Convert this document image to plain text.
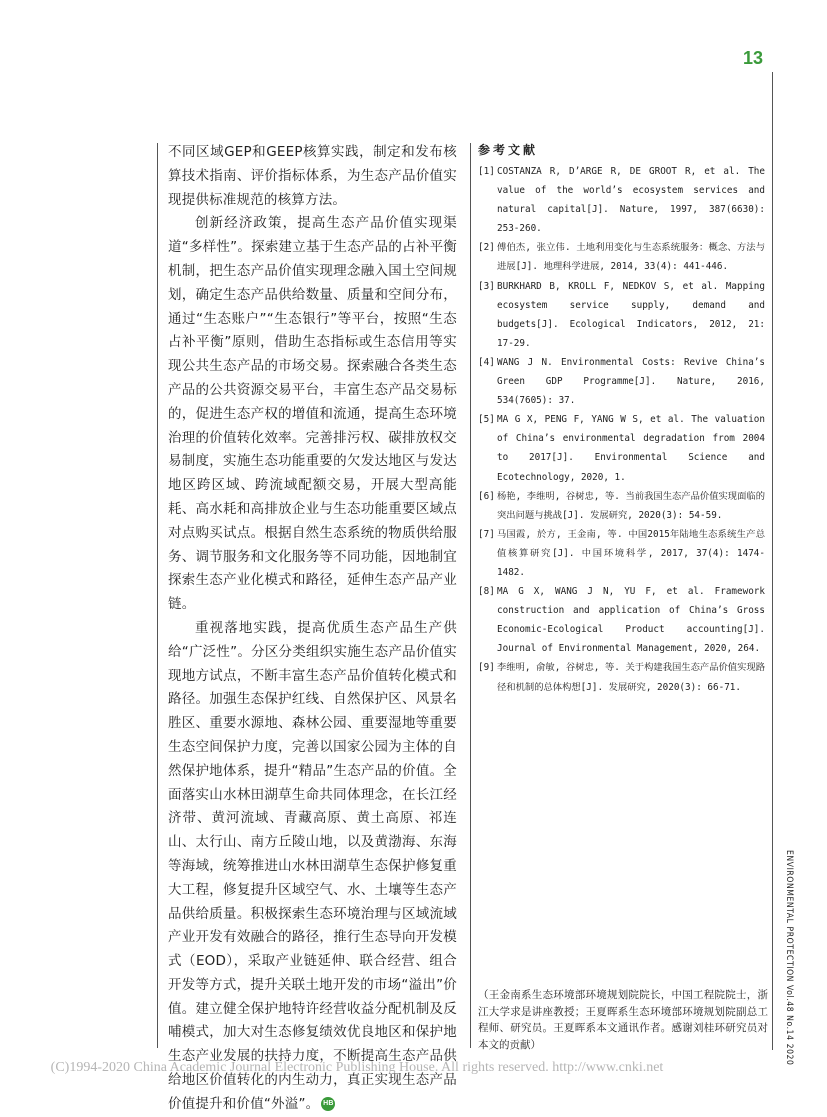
13

不同区域GEP和GEEP核算实践，制定和发布核算技术指南、评价指标体系，为生态产品价值实现提供标准规范的核算方法。

创新经济政策，提高生态产品价值实现渠道“多样性”。探索建立基于生态产品的占补平衡机制，把生态产品价值实现理念融入国土空间规划，确定生态产品供给数量、质量和空间分布，通过“生态账户”“生态银行”等平台，按照“生态占补平衡”原则，借助生态指标或生态信用等实现公共生态产品的市场交易。探索融合各类生态产品的公共资源交易平台，丰富生态产品交易标的，促进生态产权的增值和流通，提高生态环境治理的价值转化效率。完善排污权、碳排放权交易制度，实施生态功能重要的欠发达地区与发达地区跨区域、跨流域配额交易，开展大型高能耗、高水耗和高排放企业与生态功能重要区域点对点购买试点。根据自然生态系统的物质供给服务、调节服务和文化服务等不同功能，因地制宜探索生态产业化模式和路径，延伸生态产品产业链。

重视落地实践，提高优质生态产品生产供给“广泛性”。分区分类组织实施生态产品价值实现地方试点，不断丰富生态产品价值转化模式和路径。加强生态保护红线、自然保护区、风景名胜区、重要水源地、森林公园、重要湿地等重要生态空间保护力度，完善以国家公园为主体的自然保护地体系，提升“精品”生态产品的价值。全面落实山水林田湖草生命共同体理念，在长江经济带、黄河流域、青藏高原、黄土高原、祁连山、太行山、南方丘陵山地，以及黄渤海、东海等海域，统筹推进山水林田湖草生态保护修复重大工程，修复提升区域空气、水、土壤等生态产品供给质量。积极探索生态环境治理与区域流域产业开发有效融合的路径，推行生态导向开发模式（EOD），采取产业链延伸、联合经营、组合开发等方式，提升关联土地开发的市场“溢出”价值。建立健全保护地特许经营收益分配机制及反哺模式，加大对生态修复绩效优良地区和保护地生态产业发展的扶持力度，不断提高生态产品供给地区价值转化的内生动力，真正实现生态产品价值提升和价值“外溢”。 HB

参考文献
[1] COSTANZA R, D’ARGE R, DE GROOT R, et al. The value of the world’s ecosystem services and natural capital[J]. Nature, 1997, 387(6630): 253-260.
[2] 傅伯杰, 张立伟. 土地利用变化与生态系统服务：概念、方法与进展[J]. 地理科学进展, 2014, 33(4): 441-446.
[3] BURKHARD B, KROLL F, NEDKOV S, et al. Mapping ecosystem service supply, demand and budgets[J]. Ecological Indicators, 2012, 21: 17-29.
[4] WANG J N. Environmental Costs: Revive China’s Green GDP Programme[J]. Nature, 2016, 534(7605): 37.
[5] MA G X, PENG F, YANG W S, et al. The valuation of China’s environmental degradation from 2004 to 2017[J]. Environmental Science and Ecotechnology, 2020, 1.
[6] 杨艳, 李维明, 谷树忠, 等. 当前我国生态产品价值实现面临的突出问题与挑战[J]. 发展研究, 2020(3): 54-59.
[7] 马国霞, 於方, 王金南, 等. 中国2015年陆地生态系统生产总值核算研究[J]. 中国环境科学, 2017, 37(4): 1474-1482.
[8] MA G X, WANG J N, YU F, et al. Framework construction and application of China’s Gross Economic-Ecological Product accounting[J]. Journal of Environmental Management, 2020, 264.
[9] 李维明, 俞敏, 谷树忠, 等. 关于构建我国生态产品价值实现路径和机制的总体构想[J]. 发展研究, 2020(3): 66-71.
（王金南系生态环境部环境规划院院长，中国工程院院士，浙江大学求是讲座教授；王夏晖系生态环境部环境规划院副总工程师、研究员。王夏晖系本文通讯作者。感谢刘桂环研究员对本文的贡献）	ENVIRONMENTAL PROTECTION Vol.48 No.14 2020
(C)1994-2020 China Academic Journal Electronic Publishing House. All rights reserved. http://www.cnki.net
